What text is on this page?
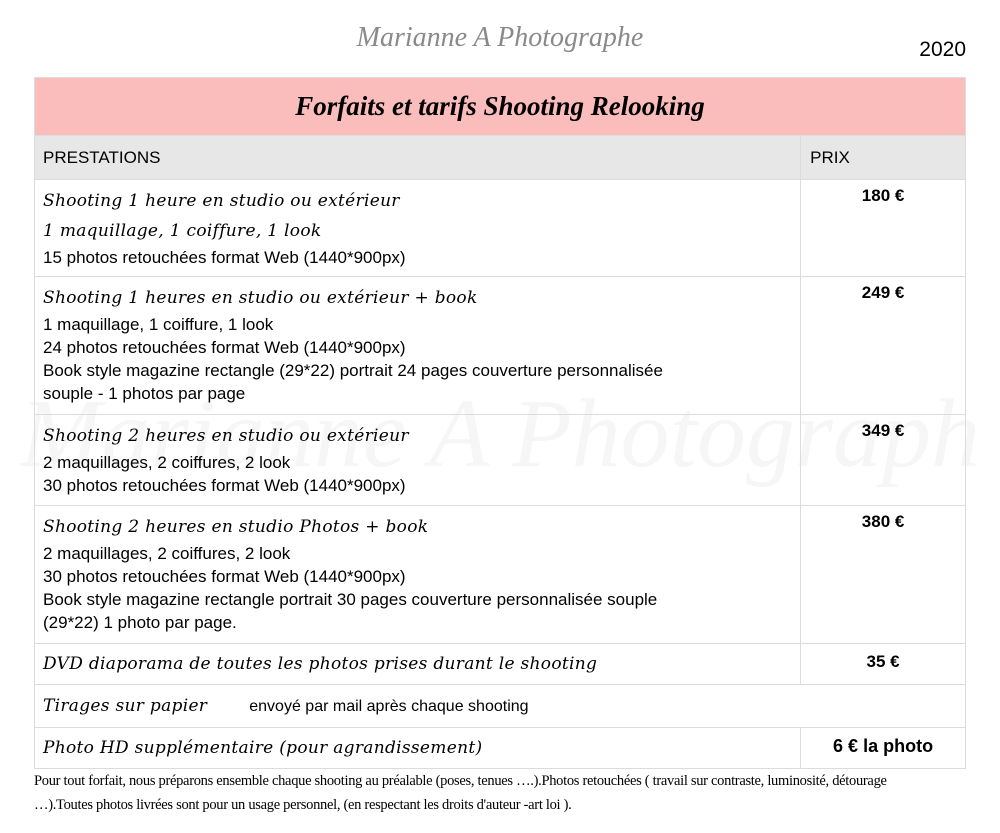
Marianne A Photographe	2020
Forfaits et tarifs Shooting Relooking	
PRESTATIONS	PRIX

Shooting 1 heure en studio ou extérieur
1 maquillage, 1 coiffure, 1 look
15 photos retouchées format Web (1440*900px)	180 €

Shooting 1 heures en studio ou extérieur + book
1 maquillage, 1 coiffure, 1 look
24 photos retouchées format Web (1440*900px)
Book style magazine rectangle (29*22) portrait 24 pages couverture personnalisée
souple - 1 photos par page	249 €

Shooting 2 heures en studio ou extérieur
2 maquillages, 2 coiffures, 2 look
30 photos retouchées format Web (1440*900px)	349 €

Shooting 2 heures en studio Photos + book
2 maquillages, 2 coiffures, 2 look
30 photos retouchées format Web (1440*900px)
Book style magazine rectangle portrait 30 pages couverture personnalisée souple
(29*22) 1 photo par page.	380 €

DVD diaporama de toutes les photos prises durant le shooting	35 €

Tirages sur papier envoyé par mail après chaque shooting	

Photo HD supplémentaire (pour agrandissement)	6 € la photo
Pour tout forfait, nous préparons ensemble chaque shooting au préalable (poses, tenues ….).Photos retouchées ( travail sur contraste, luminosité, détourage
…).Toutes photos livrées sont pour un usage personnel, (en respectant les droits d'auteur -art loi ).
